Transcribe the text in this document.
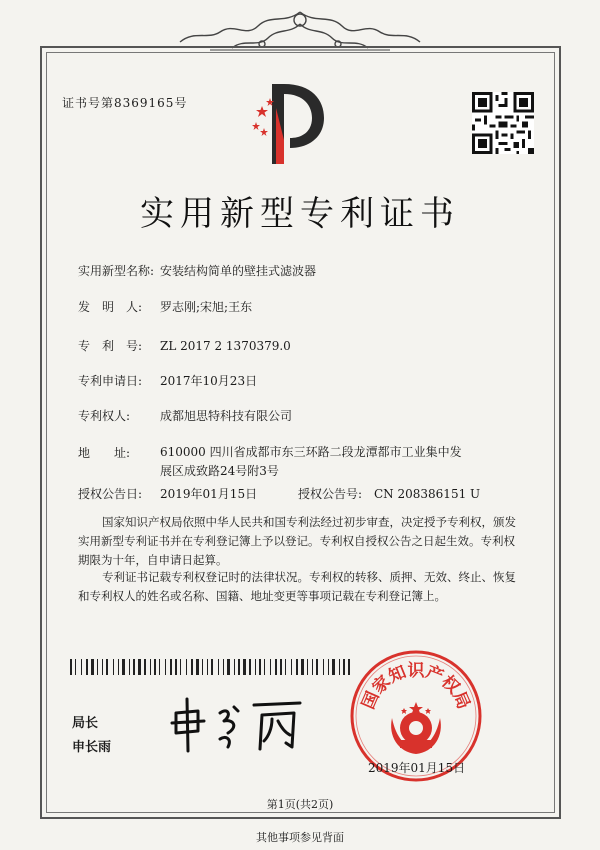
证书号第8369165号
实用新型专利证书
实用新型名称: 安装结构简单的壁挂式滤波器
发　明　人: 罗志刚;宋旭;王东
专　利　号: ZL 2017 2 1370379.0
专利申请日: 2017年10月23日
专利权人: 成都旭思特科技有限公司
地　　址:	610000 四川省成都市东三环路二段龙潭都市工业集中发
展区成致路24号附3号
授权公告日: 2019年01月15日	授权公告号: CN 208386151 U
国家知识产权局依照中华人民共和国专利法经过初步审查，决定授予专利权，颁发实用新型专利证书并在专利登记簿上予以登记。专利权自授权公告之日起生效。专利权期限为十年，自申请日起算。
专利证书记载专利权登记时的法律状况。专利权的转移、质押、无效、终止、恢复和专利权人的姓名或名称、国籍、地址变更等事项记载在专利登记簿上。
局长
申长雨
国家知识产权局
2019年01月15日
第1页(共2页)
其他事项参见背面
